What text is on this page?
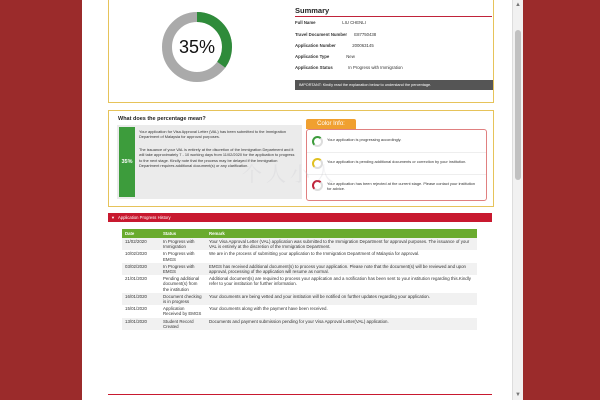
35%
Summary
Full Name	LIU CHENLI
Travel Document Number E87750438
Application Number	200063145
Application Type	New
Application Status	In Progress with Immigration
IMPORTANT: Kindly read the explanation below to understand the percentage.
What does the percentage mean?
35%
Your application for Visa Approval Letter (VAL) has been submitted to the Immigration Department of Malaysia for approval purposes.
The issuance of your VAL is entirely at the discretion of the Immigration Department and it will take approximately 7 - 10 working days from 11/02/2020 for the application to progress to the next stage. Kindly note that the process may be delayed if the Immigration Department requires additional document(s) or any clarification.
Color Info:
Your application is progressing accordingly.
Your application is pending additional documents or correction by your institution.
Your application has been rejected at the current stage. Please contact your institution for advice.
个人小人
▼ Application Progress History
Date	Status	Remark
11/02/2020	In Progress with Immigration	Your Visa Approval Letter (VAL) application was submitted to the Immigration Department for approval purposes. The issuance of your VAL is entirely at the discretion of the Immigration Department.
10/02/2020	In Progress with EMGS	We are in the process of submitting your application to the Immigration Department of Malaysia for approval.
03/02/2020	In Progress with EMGS	EMGS has received additional document(s) to process your application. Please note that the document(s) will be reviewed and upon approval, processing of the application will resume as normal.
21/01/2020	Pending additional document(s) from the institution	Additional document(s) are required to process your application and a notification has been sent to your institution regarding this.Kindly refer to your institution for further information.
16/01/2020	Document checking is in progress	Your documents are being vetted and your institution will be notified on further updates regarding your application.
15/01/2020	Application Received by EMGS	Your documents along with the payment have been received.
13/01/2020	Student Record Created	Documents and payment submission pending for your Visa Approval Letter(VAL) application.
▲
▼
